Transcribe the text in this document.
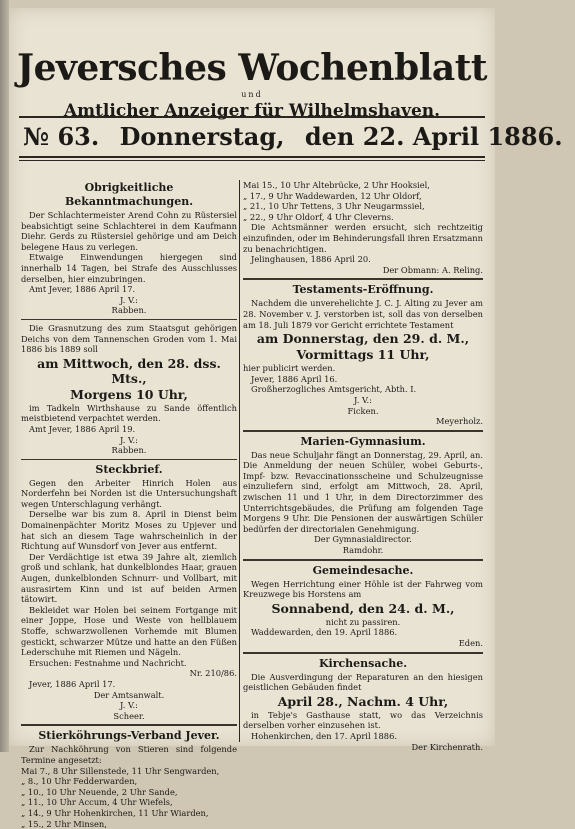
Jeversches Wochenblatt
und
Amtlicher Anzeiger für Wilhelmshaven.
№ 63. Donnerstag, den 22. April 1886.
Obrigkeitliche Bekanntmachungen.

Der Schlachtermeister Arend Cohn zu Rüstersiel beabsichtigt seine Schlachterei in dem Kaufmann Diehr. Gerds zu Rüstersiel gehörige und am Deich belegene Haus zu verlegen.

Etwaige Einwendungen hiergegen sind innerhalb 14 Tagen, bei Strafe des Ausschlusses derselben, hier einzubringen.

Amt Jever, 1886 April 17.

J. V.:

Rabben.

Die Grasnutzung des zum Staatsgut gehörigen Deichs von dem Tannenschen Groden vom 1. Mai 1886 bis 1889 soll

am Mittwoch, den 28. dss. Mts.,
Morgens 10 Uhr,

im Tadkeln Wirthshause zu Sande öffentlich meistbietend verpachtet werden.

Amt Jever, 1886 April 19.

J. V.:

Rabben.

Steckbrief.

Gegen den Arbeiter Hinrich Holen aus Norderfehn bei Norden ist die Untersuchungshaft wegen Unterschlagung verhängt.

Derselbe war bis zum 8. April in Dienst beim Domainenpächter Moritz Moses zu Upjever und hat sich an diesem Tage wahrscheinlich in der Richtung auf Wunsdorf von Jever aus entfernt.

Der Verdächtige ist etwa 39 Jahre alt, ziemlich groß und schlank, hat dunkelblondes Haar, grauen Augen, dunkelblonden Schnurr- und Vollbart, mit ausrasirtem Kinn und ist auf beiden Armen tätowirt.

Bekleidet war Holen bei seinem Fortgange mit einer Joppe, Hose und Weste von hellblauem Stoffe, schwarzwollenen Vorhemde mit Blumen gestickt, schwarzer Mütze und hatte an den Füßen Lederschuhe mit Riemen und Nägeln.

Ersuchen: Festnahme und Nachricht.

Nr. 210/86.

Jever, 1886 April 17.

Der Amtsanwalt.

J. V.:

Scheer.

Stierköhrungs-Verband Jever.

Zur Nachköhrung von Stieren sind folgende Termine angesetzt:

Mai 7., 8 Uhr Sillenstede, 11 Uhr Sengwarden,

„ 8., 10 Uhr Fedderwarden,

„ 10., 10 Uhr Neuende, 2 Uhr Sande,

„ 11., 10 Uhr Accum, 4 Uhr Wiefels,

„ 14., 9 Uhr Hohenkirchen, 11 Uhr Wiarden,

„ 15., 2 Uhr Minsen,

Mai 15., 10 Uhr Altebrücke, 2 Uhr Hooksiel,

„ 17., 9 Uhr Waddewarden, 12 Uhr Oldorf,

„ 21., 10 Uhr Tettens, 3 Uhr Neugarmssiel,

„ 22., 9 Uhr Oldorf, 4 Uhr Cleverns.

Die Achtsmänner werden ersucht, sich rechtzeitig einzufinden, oder im Behinderungsfall ihren Ersatzmann zu benachrichtigen.

Jelinghausen, 1886 April 20.

Der Obmann: A. Reling.

Testaments-Eröffnung.

Nachdem die unverehelichte J. C. J. Alting zu Jever am 28. November v. J. verstorben ist, soll das von derselben am 18. Juli 1879 vor Gericht errichtete Testament

am Donnerstag, den 29. d. M.,
Vormittags 11 Uhr,

hier publicirt werden.

Jever, 1886 April 16.

Großherzogliches Amtsgericht, Abth. I.

J. V.:

Ficken.

Meyerholz.

Marien-Gymnasium.

Das neue Schuljahr fängt an Donnerstag, 29. April, an. Die Anmeldung der neuen Schüler, wobei Geburts-, Impf- bzw. Revaccinationsscheine und Schulzeugnisse einzuliefern sind, erfolgt am Mittwoch, 28. April, zwischen 11 und 1 Uhr, in dem Directorzimmer des Unterrichtsgebäudes, die Prüfung am folgenden Tage Morgens 9 Uhr. Die Pensionen der auswärtigen Schüler bedürfen der directorialen Genehmigung.

Der Gymnasialdirector.

Ramdohr.

Gemeindesache.

Wegen Herrichtung einer Höhle ist der Fahrweg vom Kreuzwege bis Horstens am

Sonnabend, den 24. d. M.,

nicht zu passiren.

Waddewarden, den 19. April 1886.

Eden.

Kirchensache.

Die Ausverdingung der Reparaturen an den hiesigen geistlichen Gebäuden findet

April 28., Nachm. 4 Uhr,

in Tebje's Gasthause statt, wo das Verzeichnis derselben vorher einzusehen ist.

Hohenkirchen, den 17. April 1886.

Der Kirchenrath.
